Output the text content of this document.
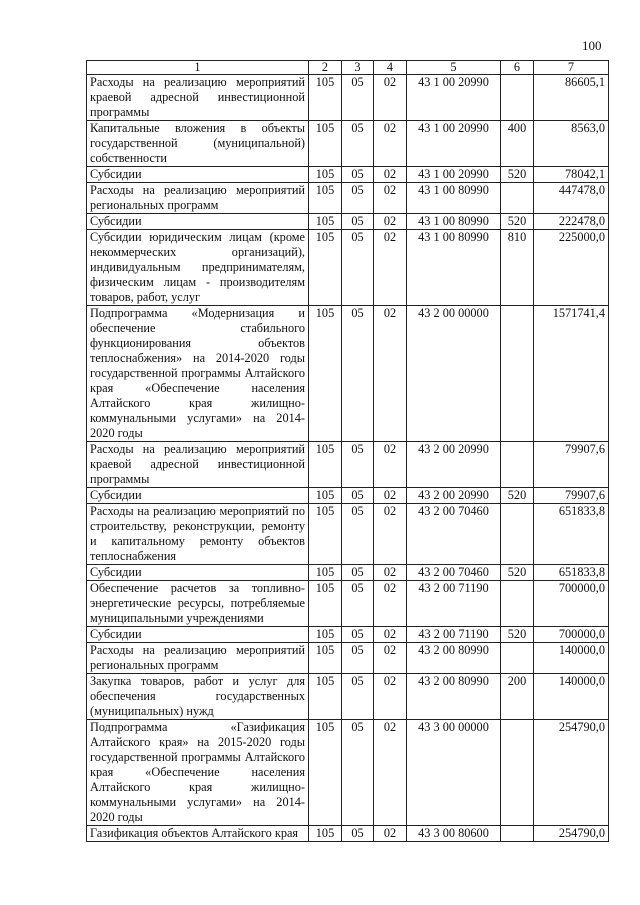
100
1	2	3	4	5	6	7
Расходы на реализацию мероприятий краевой адресной инвестиционной программы	105	05	02	43 1 00 20990		86605,1
Капитальные вложения в объекты государственной (муниципальной) собственности	105	05	02	43 1 00 20990	400	8563,0
Субсидии	105	05	02	43 1 00 20990	520	78042,1
Расходы на реализацию мероприятий региональных программ	105	05	02	43 1 00 80990		447478,0
Субсидии	105	05	02	43 1 00 80990	520	222478,0
Субсидии юридическим лицам (кроме некоммерческих организаций), индивидуальным предпринимателям, физическим лицам - производителям товаров, работ, услуг	105	05	02	43 1 00 80990	810	225000,0
Подпрограмма «Модернизация и обеспечение стабильного функционирования объектов теплоснабжения» на 2014-2020 годы государственной программы Алтайского края «Обеспечение населения Алтайского края жилищно-коммунальными услугами» на 2014-2020 годы	105	05	02	43 2 00 00000		1571741,4
Расходы на реализацию мероприятий краевой адресной инвестиционной программы	105	05	02	43 2 00 20990		79907,6
Субсидии	105	05	02	43 2 00 20990	520	79907,6
Расходы на реализацию мероприятий по строительству, реконструкции, ремонту и капитальному ремонту объектов теплоснабжения	105	05	02	43 2 00 70460		651833,8
Субсидии	105	05	02	43 2 00 70460	520	651833,8
Обеспечение расчетов за топливно-энергетические ресурсы, потребляемые муниципальными учреждениями	105	05	02	43 2 00 71190		700000,0
Субсидии	105	05	02	43 2 00 71190	520	700000,0
Расходы на реализацию мероприятий региональных программ	105	05	02	43 2 00 80990		140000,0
Закупка товаров, работ и услуг для обеспечения государственных (муниципальных) нужд	105	05	02	43 2 00 80990	200	140000,0
Подпрограмма «Газификация Алтайского края» на 2015-2020 годы государственной программы Алтайского края «Обеспечение населения Алтайского края жилищно-коммунальными услугами» на 2014-2020 годы	105	05	02	43 3 00 00000		254790,0
Газификация объектов Алтайского края	105	05	02	43 3 00 80600		254790,0
